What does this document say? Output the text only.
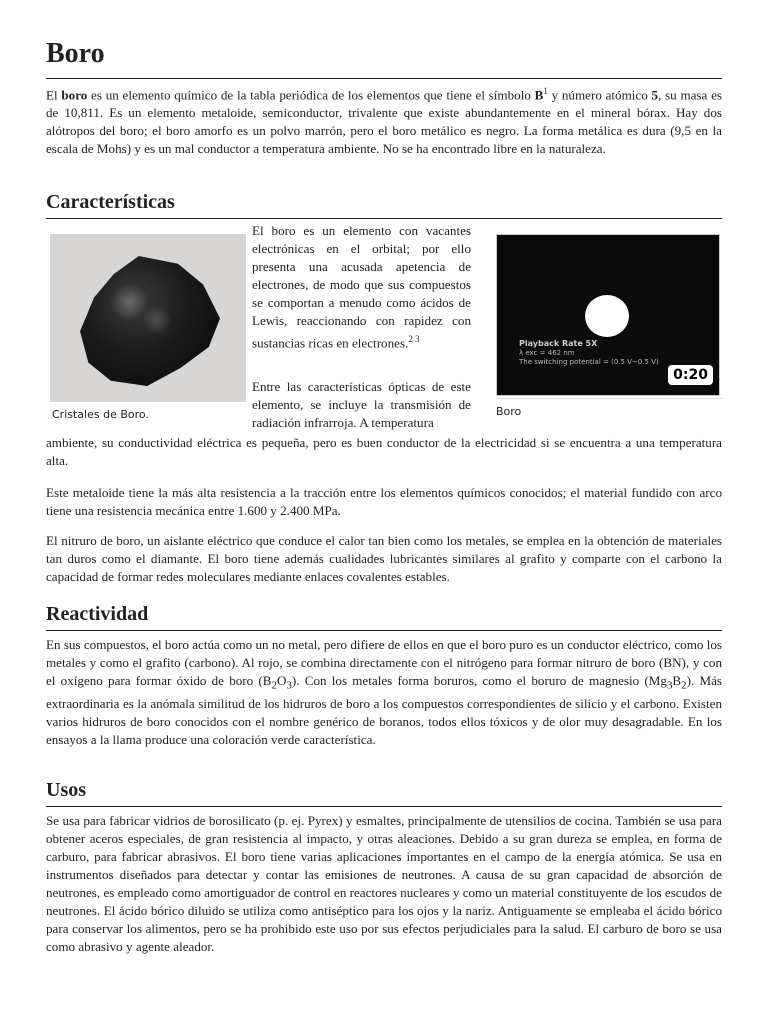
Boro

El boro es un elemento químico de la tabla periódica de los elementos que tiene el símbolo $B^1$ y número atómico 5, su masa es de 10,811. Es un elemento metaloide, semiconductor, trivalente que existe abundantemente en el mineral bórax. Hay dos alótropos del boro; el boro amorfo es un polvo marrón, pero el boro metálico es negro. La forma metálica es dura (9,5 en la escala de Mohs) y es un mal conductor a temperatura ambiente. No se ha encontrado libre en la naturaleza.

Características
Cristales de Boro.

El boro es un elemento con vacantes electrónicas en el orbital; por ello presenta una acusada apetencia de electrones, de modo que sus compuestos se comportan a menudo como ácidos de Lewis, reaccionando con rapidez con sustancias ricas en electrones.$^{2 3}$

Entre las características ópticas de este elemento, se incluye la transmisión de radiación infrarroja. A temperatura

Playback Rate 5X
λ exc = 462 nm
The switching potential = (0.5 V~0.5 V)
0:20
Boro

ambiente, su conductividad eléctrica es pequeña, pero es buen conductor de la electricidad si se encuentra a una temperatura alta.

Este metaloide tiene la más alta resistencia a la tracción entre los elementos químicos conocidos; el material fundido con arco tiene una resistencia mecánica entre 1.600 y 2.400 MPa.

El nitruro de boro, un aislante eléctrico que conduce el calor tan bien como los metales, se emplea en la obtención de materiales tan duros como el diamante. El boro tiene además cualidades lubricantes similares al grafito y comparte con el carbono la capacidad de formar redes moleculares mediante enlaces covalentes estables.

Reactividad

En sus compuestos, el boro actúa como un no metal, pero difiere de ellos en que el boro puro es un conductor eléctrico, como los metales y como el grafito (carbono). Al rojo, se combina directamente con el nitrógeno para formar nitruro de boro (BN), y con el oxígeno para formar óxido de boro $(B_2O_3)$. Con los metales forma boruros, como el boruro de magnesio $(Mg_3B_2)$. Más extraordinaria es la anómala similitud de los hidruros de boro a los compuestos correspondientes de silicio y el carbono. Existen varios hidruros de boro conocidos con el nombre genérico de boranos, todos ellos tóxicos y de olor muy desagradable. En los ensayos a la llama produce una coloración verde característica.

Usos

Se usa para fabricar vidrios de borosilicato (p. ej. Pyrex) y esmaltes, principalmente de utensilios de cocina. También se usa para obtener aceros especiales, de gran resistencia al impacto, y otras aleaciones. Debido a su gran dureza se emplea, en forma de carburo, para fabricar abrasivos. El boro tiene varias aplicaciones importantes en el campo de la energía atómica. Se usa en instrumentos diseñados para detectar y contar las emisiones de neutrones. A causa de su gran capacidad de absorción de neutrones, es empleado como amortiguador de control en reactores nucleares y como un material constituyente de los escudos de neutrones. El ácido bórico diluido se utiliza como antiséptico para los ojos y la nariz. Antiguamente se empleaba el ácido bórico para conservar los alimentos, pero se ha prohibido este uso por sus efectos perjudiciales para la salud. El carburo de boro se usa como abrasivo y agente aleador.
